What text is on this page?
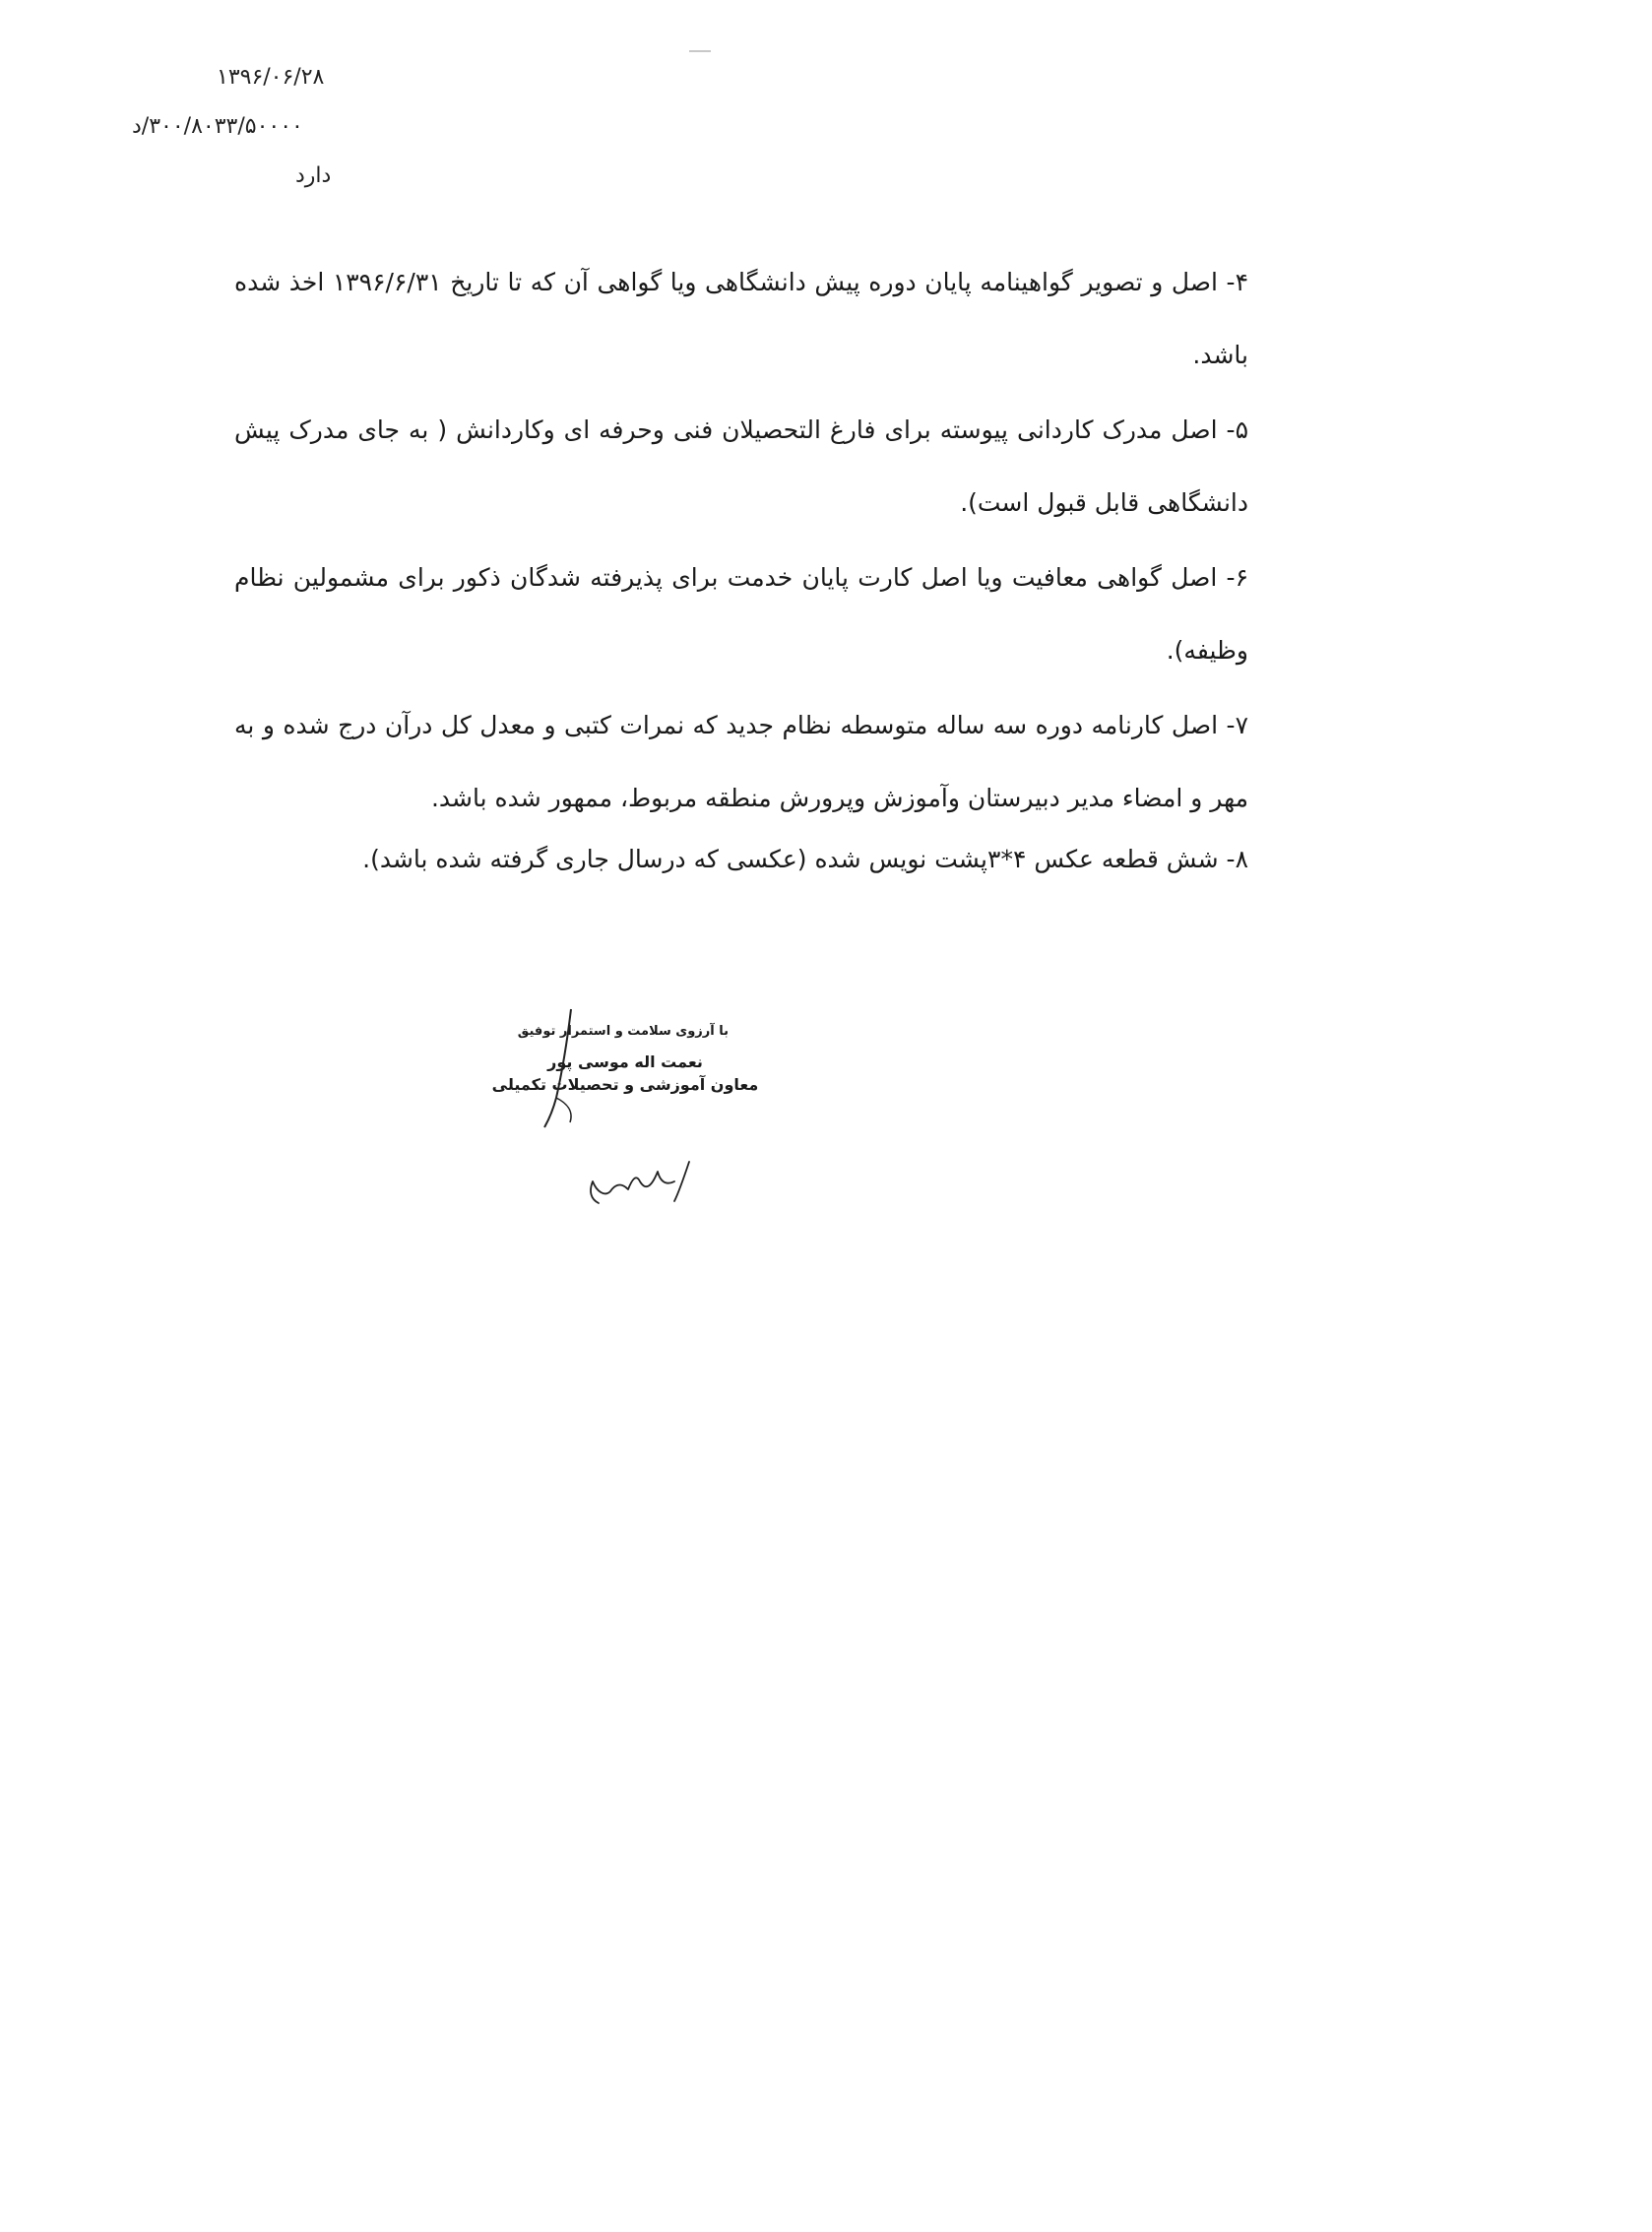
۱۳۹۶/۰۶/۲۸
۳۰۰/۸۰۳۳/۵۰۰۰۰/د
دارد
۴- اصل و تصویر گواهینامه پایان دوره پیش دانشگاهی ویا گواهی آن که تا تاریخ ۱۳۹۶/۶/۳۱ اخذ شده باشد.
۵- اصل مدرک کاردانی پیوسته برای فارغ التحصیلان فنی وحرفه ای وکاردانش ( به جای مدرک پیش دانشگاهی قابل قبول است).
۶- اصل گواهی معافیت ویا اصل کارت پایان خدمت برای پذیرفته شدگان ذکور برای مشمولین نظام وظیفه).
۷- اصل کارنامه دوره سه ساله متوسطه نظام جدید که نمرات کتبی و معدل کل درآن درج شده و به مهر و امضاء مدیر دبیرستان وآموزش وپرورش منطقه مربوط، ممهور شده باشد.
۸- شش قطعه عکس ۴*۳پشت نویس شده (عکسی که درسال جاری گرفته شده باشد).
با آرزوی سلامت و استمرار توفیق
نعمت اله موسی پور
معاون آموزشی و تحصیلات تکمیلی
